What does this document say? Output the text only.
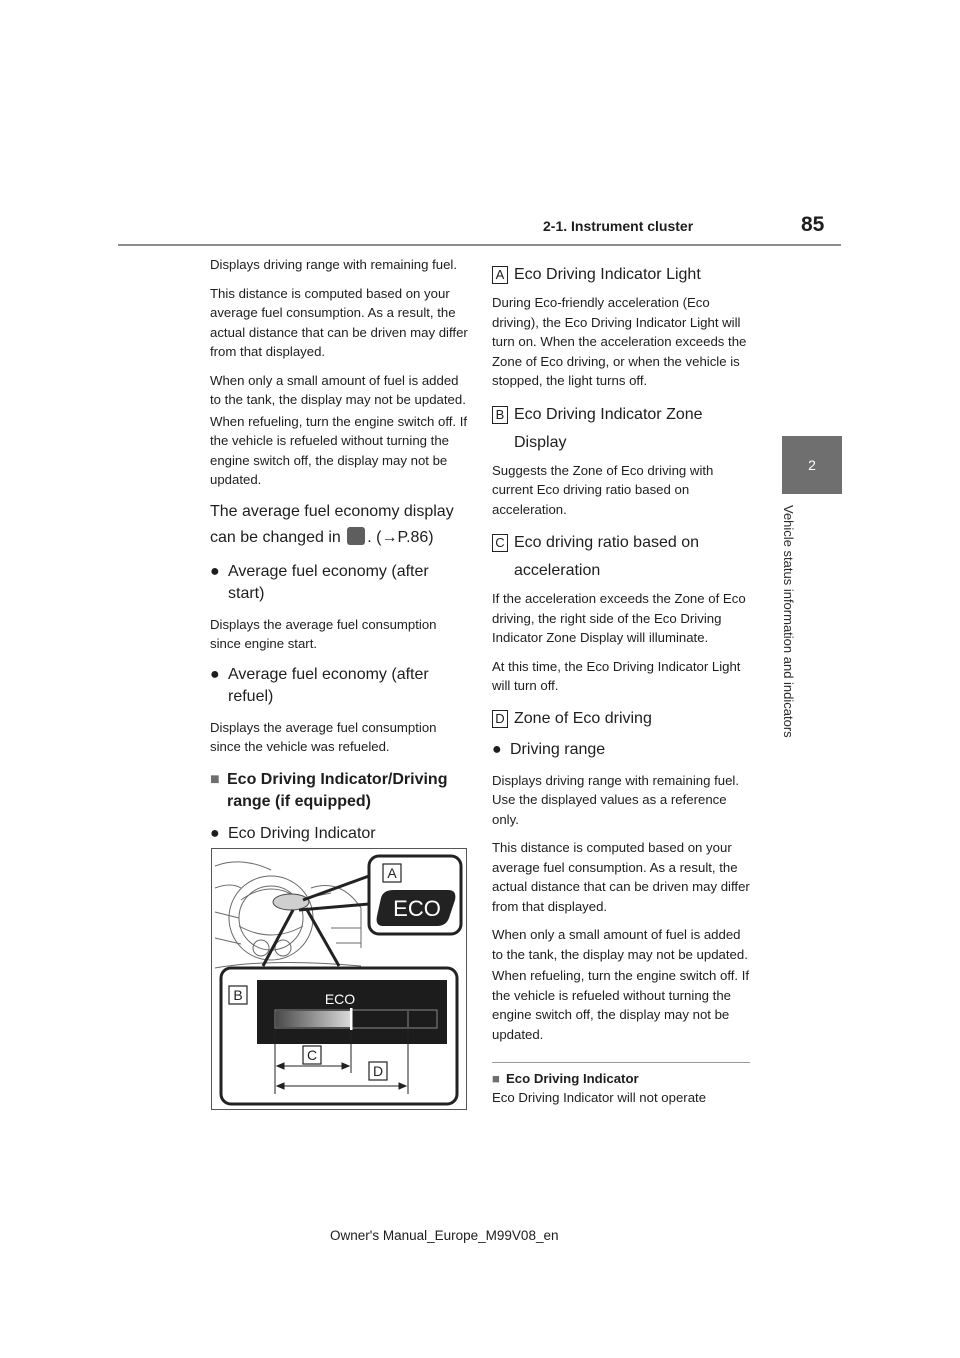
2-1. Instrument cluster	85
2
Vehicle status information and indicators

Displays driving range with remaining fuel.

This distance is computed based on your average fuel consumption. As a result, the actual distance that can be driven may differ from that displayed.

When only a small amount of fuel is added to the tank, the display may not be updated.

When refueling, turn the engine switch off. If the vehicle is refueled without turning the engine switch off, the display may not be updated.

The average fuel economy display can be changed in . (→P.86)
● Average fuel economy (after start)

Displays the average fuel consumption since engine start.

● Average fuel economy (after refuel)

Displays the average fuel consumption since the vehicle was refueled.

■ Eco Driving Indicator/Driving range (if equipped)
● Eco Driving Indicator
A
ECO
B	ECO
C
D
A Eco Driving Indicator Light

During Eco-friendly acceleration (Eco driving), the Eco Driving Indicator Light will turn on. When the acceleration exceeds the Zone of Eco driving, or when the vehicle is stopped, the light turns off.

B Eco Driving Indicator Zone Display

Suggests the Zone of Eco driving with current Eco driving ratio based on acceleration.

C Eco driving ratio based on acceleration

If the acceleration exceeds the Zone of Eco driving, the right side of the Eco Driving Indicator Zone Display will illuminate.

At this time, the Eco Driving Indicator Light will turn off.

D Zone of Eco driving
● Driving range

Displays driving range with remaining fuel. Use the displayed values as a reference only.

This distance is computed based on your average fuel consumption. As a result, the actual distance that can be driven may differ from that displayed.

When only a small amount of fuel is added to the tank, the display may not be updated.

When refueling, turn the engine switch off. If the vehicle is refueled without turning the engine switch off, the display may not be updated.

■ Eco Driving Indicator

Eco Driving Indicator will not operate

Owner's Manual_Europe_M99V08_en
